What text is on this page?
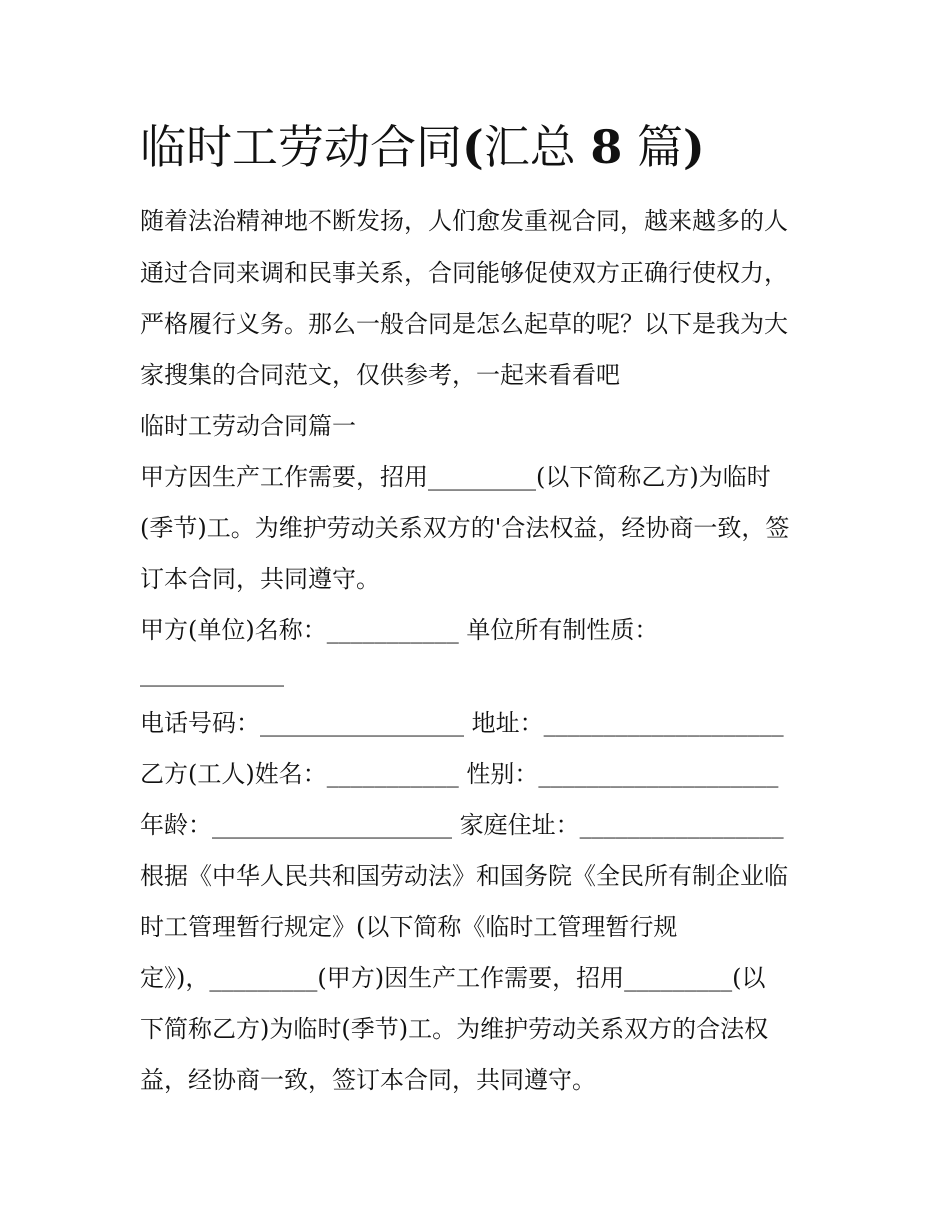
临时工劳动合同(汇总 8 篇)
随着法治精神地不断发扬，人们愈发重视合同，越来越多的人
通过合同来调和民事关系，合同能够促使双方正确行使权力，
严格履行义务。那么一般合同是怎么起草的呢？以下是我为大
家搜集的合同范文，仅供参考，一起来看看吧
临时工劳动合同篇一
甲方因生产工作需要，招用_________(以下简称乙方)为临时
(季节)工。为维护劳动关系双方的'合法权益，经协商一致，签
订本合同，共同遵守。
甲方(单位)名称：___________ 单位所有制性质：
____________
电话号码：_________________ 地址：____________________
乙方(工人)姓名：___________ 性别：____________________
年龄：____________________ 家庭住址：_________________
根据《中华人民共和国劳动法》和国务院《全民所有制企业临
时工管理暂行规定》(以下简称《临时工管理暂行规
定》)，_________(甲方)因生产工作需要，招用_________(以
下简称乙方)为临时(季节)工。为维护劳动关系双方的合法权
益，经协商一致，签订本合同，共同遵守。
